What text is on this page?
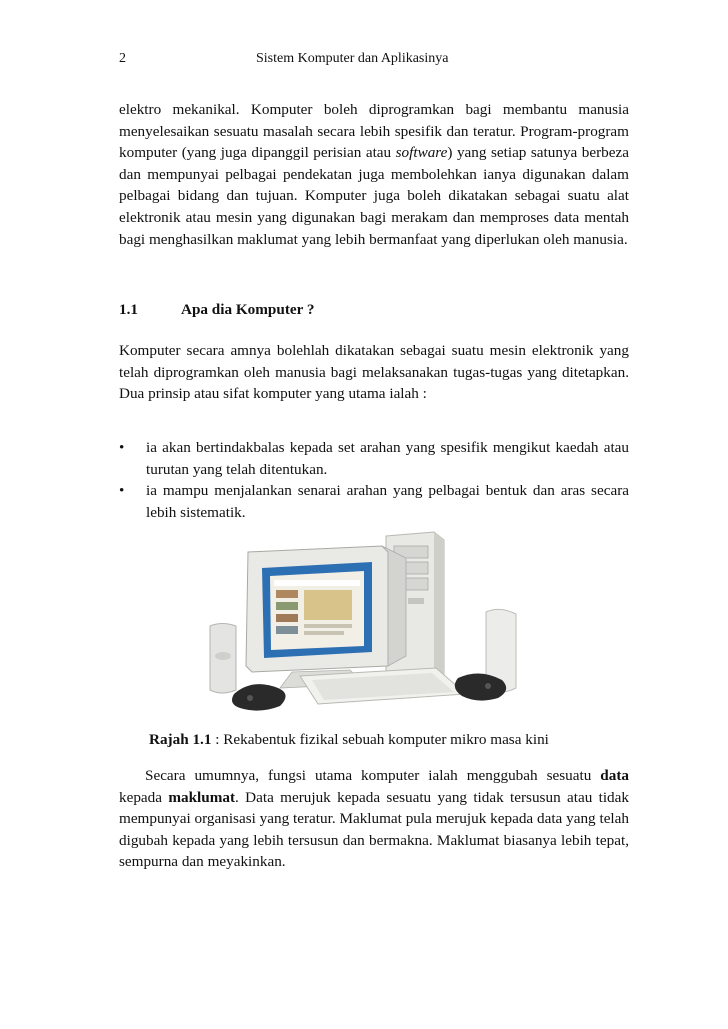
2	Sistem Komputer dan Aplikasinya

elektro mekanikal. Komputer boleh diprogramkan bagi membantu manusia menyelesaikan sesuatu masalah secara lebih spesifik dan teratur. Program-program komputer (yang juga dipanggil perisian atau software) yang setiap satunya berbeza dan mempunyai pelbagai pendekatan juga membolehkan ianya digunakan dalam pelbagai bidang dan tujuan. Komputer juga boleh dikatakan sebagai suatu alat elektronik atau mesin yang digunakan bagi merakam dan memproses data mentah bagi menghasilkan maklumat yang lebih bermanfaat yang diperlukan oleh manusia.

1.1	Apa dia Komputer ?

Komputer secara amnya bolehlah dikatakan sebagai suatu mesin elektronik yang telah diprogramkan oleh manusia bagi melaksanakan tugas-tugas yang ditetapkan. Dua prinsip atau sifat komputer yang utama ialah :

• ia akan bertindakbalas kepada set arahan yang spesifik mengikut kaedah atau turutan yang telah ditentukan.
• ia mampu menjalankan senarai arahan yang pelbagai bentuk dan aras secara lebih sistematik.
Rajah 1.1 : Rekabentuk fizikal sebuah komputer mikro masa kini

Secara umumnya, fungsi utama komputer ialah menggubah sesuatu data kepada maklumat. Data merujuk kepada sesuatu yang tidak tersusun atau tidak mempunyai organisasi yang teratur. Maklumat pula merujuk kepada data yang telah digubah kepada yang lebih tersusun dan bermakna. Maklumat biasanya lebih tepat, sempurna dan meyakinkan.
